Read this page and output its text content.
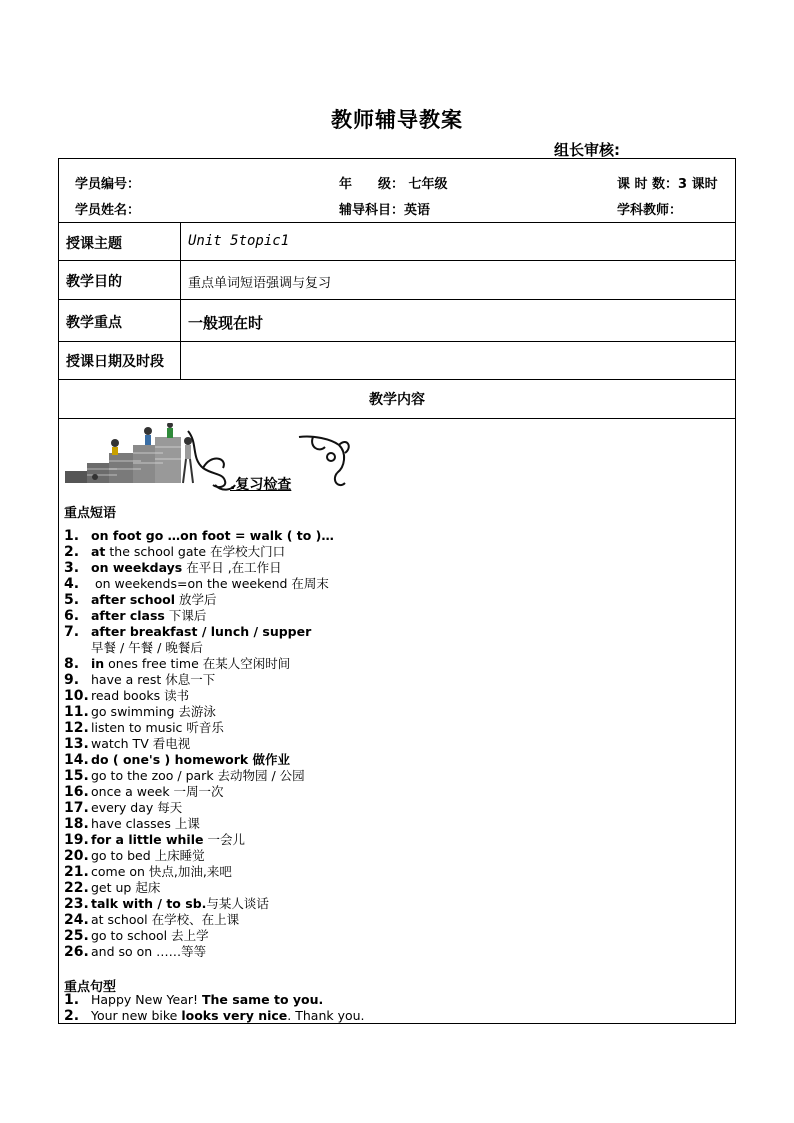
教师辅导教案
组长审核:
学员编号：	年　　级： 七年级	课 时 数：3 课时
学员姓名：	辅导科目：英语	学科教师：
授课主题	Unit 5topic1
教学目的	重点单词短语强调与复习
教学重点	一般现在时
授课日期及时段
教学内容
.复习检查
重点短语
1. on foot go …on foot = walk ( to )…
2. at the school gate 在学校大门口
3. on weekdays 在平日 ,在工作日
4. on weekends=on the weekend 在周末
5. after school 放学后
6. after class 下课后
7. after breakfast / lunch / supper
早餐 / 午餐 / 晚餐后
8. in ones free time 在某人空闲时间
9. have a rest 休息一下
10. read books 读书
11. go swimming 去游泳
12. listen to music 听音乐
13. watch TV 看电视
14. do ( one's ) homework 做作业
15. go to the zoo / park 去动物园 / 公园
16. once a week 一周一次
17. every day 每天
18. have classes 上课
19. for a little while 一会儿
20. go to bed 上床睡觉
21. come on 快点,加油,来吧
22. get up 起床
23. talk with / to sb.与某人谈话
24. at school 在学校、在上课
25. go to school 去上学
26. and so on ……等等
重点句型
1. Happy New Year! The same to you.
2. Your new bike looks very nice. Thank you.
